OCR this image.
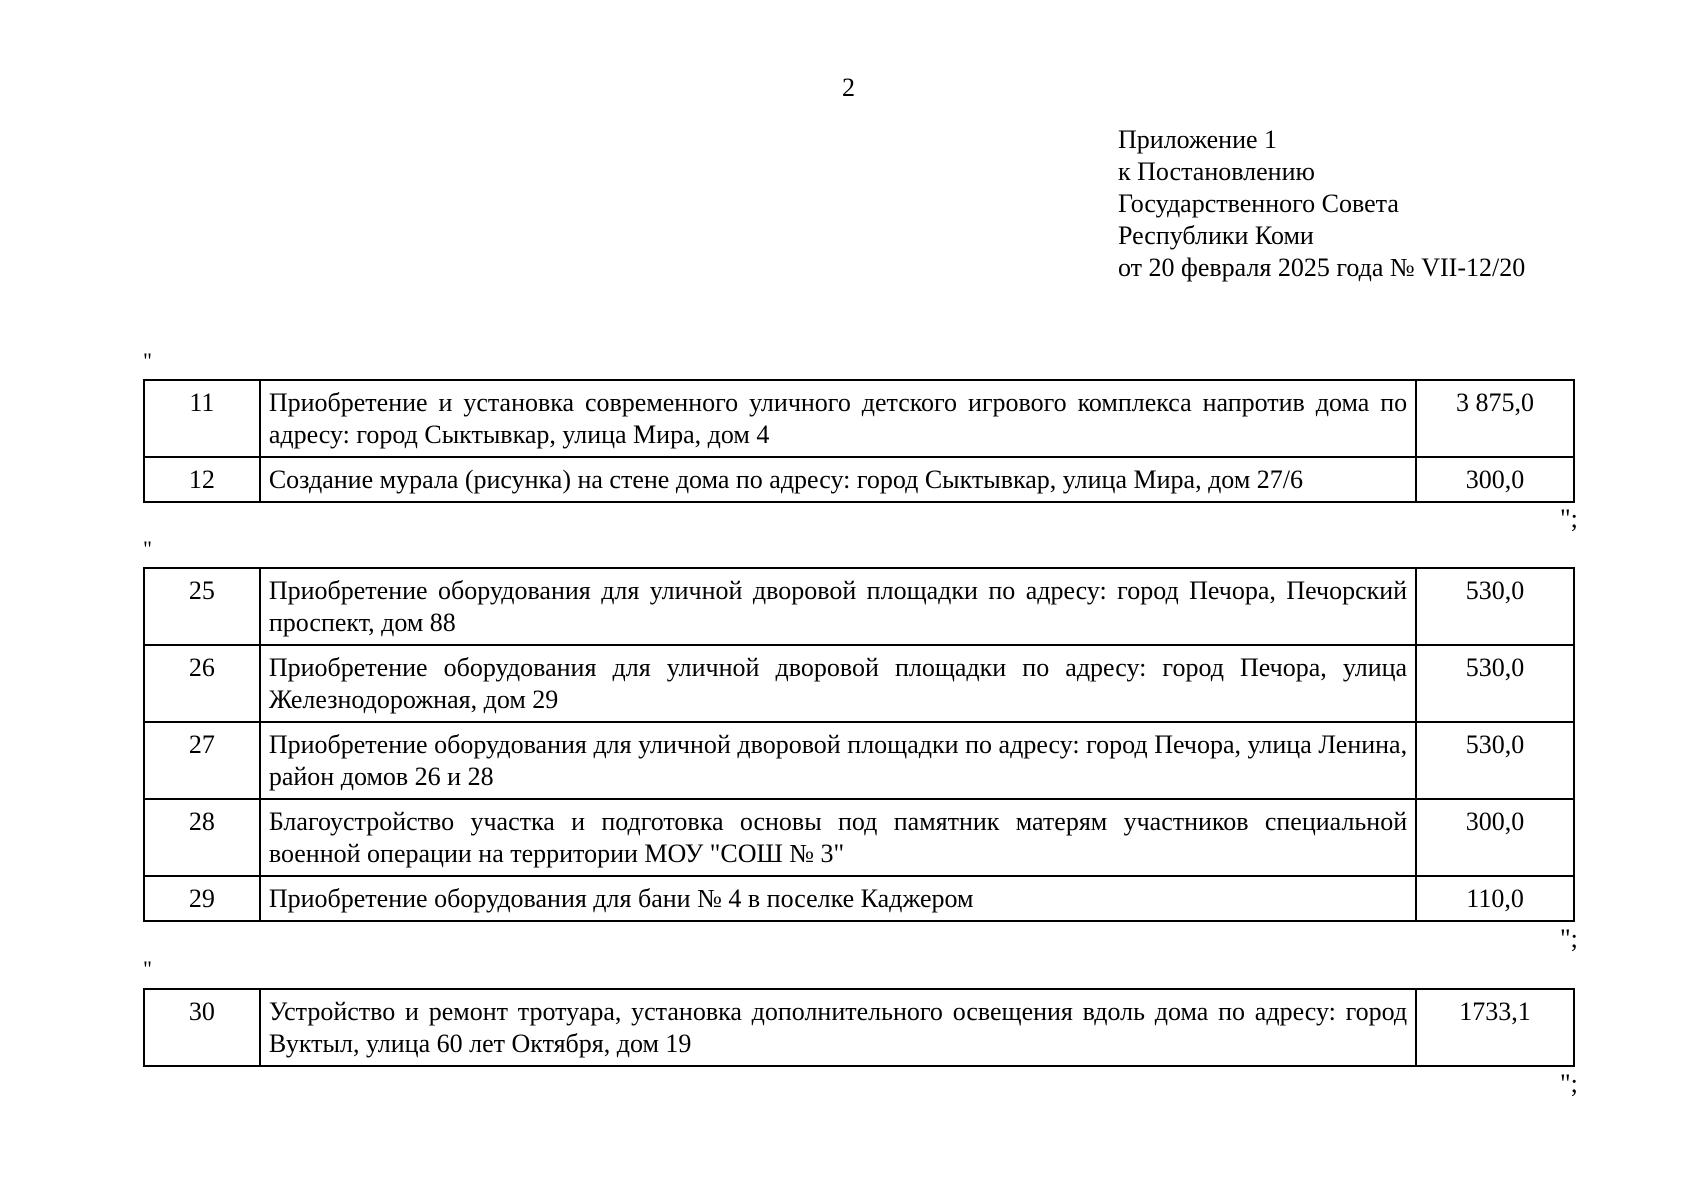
2
Приложение 1
к Постановлению
Государственного Совета
Республики Коми
от 20 февраля 2025 года № VII-12/20
"
11	Приобретение и установка современного уличного детского игрового комплекса напротив дома по адресу: город Сыктывкар, улица Мира, дом 4	3 875,0
12	Создание мурала (рисунка) на стене дома по адресу: город Сыктывкар, улица Мира, дом 27/6	300,0
";
"
25	Приобретение оборудования для уличной дворовой площадки по адресу: город Печора, Печорский проспект, дом 88	530,0
26	Приобретение оборудования для уличной дворовой площадки по адресу: город Печора, улица Железнодорожная, дом 29	530,0
27	Приобретение оборудования для уличной дворовой площадки по адресу: город Печора, улица Ленина, район домов 26 и 28	530,0
28	Благоустройство участка и подготовка основы под памятник матерям участников специальной военной операции на территории МОУ "СОШ № 3"	300,0
29	Приобретение оборудования для бани № 4 в поселке Каджером	110,0
";
"
30	Устройство и ремонт тротуара, установка дополнительного освещения вдоль дома по адресу: город Вуктыл, улица 60 лет Октября, дом 19	1733,1
";
